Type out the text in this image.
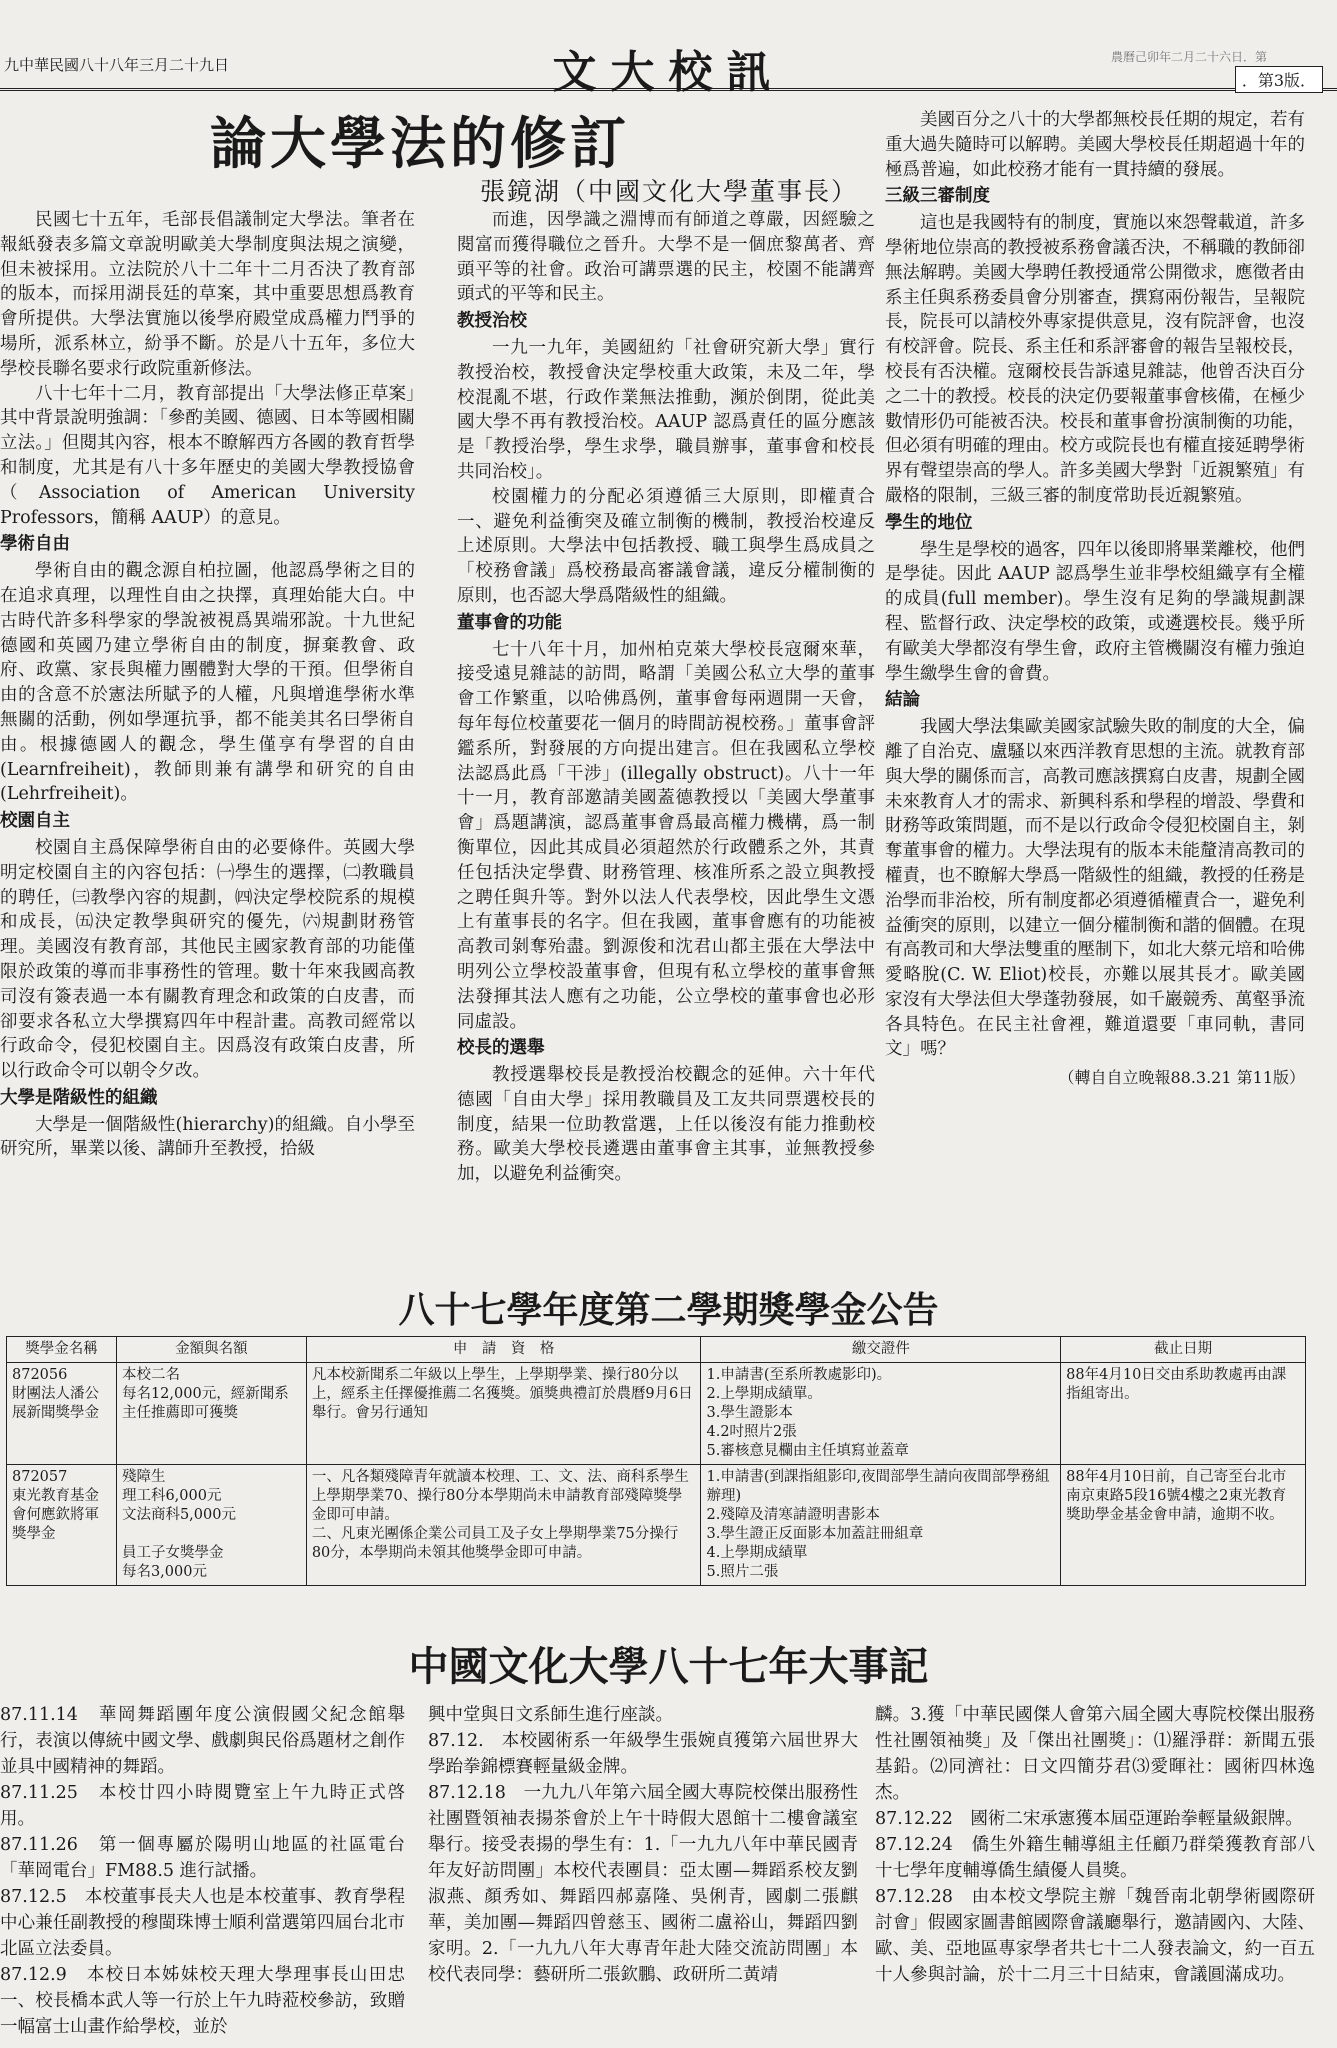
九中華民國八十八年三月二十九日	文大校訊	農曆己卯年二月二十六日．第
．第3版．
論大學法的修訂
張鏡湖（中國文化大學董事長）

民國七十五年，毛部長倡議制定大學法。筆者在報紙發表多篇文章說明歐美大學制度與法規之演變，但未被採用。立法院於八十二年十二月否決了教育部的版本，而採用湖長廷的草案，其中重要思想爲教育會所提供。大學法實施以後學府殿堂成爲權力鬥爭的場所，派系林立，紛爭不斷。於是八十五年，多位大學校長聯名要求行政院重新修法。

八十七年十二月，教育部提出「大學法修正草案」其中背景說明強調：「參酌美國、德國、日本等國相關立法。」但閱其內容，根本不瞭解西方各國的教育哲學和制度，尤其是有八十多年歷史的美國大學教授協會（Association of American University Professors，簡稱 AAUP）的意見。

學術自由

學術自由的觀念源自柏拉圖，他認爲學術之目的在追求真理，以理性自由之抉擇，真理始能大白。中古時代許多科學家的學說被視爲異端邪說。十九世紀德國和英國乃建立學術自由的制度，摒棄教會、政府、政黨、家長與權力團體對大學的干預。但學術自由的含意不於憲法所賦予的人權，凡與增進學術水準無關的活動，例如學運抗爭，都不能美其名曰學術自由。根據德國人的觀念，學生僅享有學習的自由(Learnfreiheit)，教師則兼有講學和研究的自由(Lehrfreiheit)。

校園自主

校園自主爲保障學術自由的必要條件。英國大學明定校園自主的內容包括：㈠學生的選擇，㈡教職員的聘任，㈢教學內容的規劃，㈣決定學校院系的規模和成長，㈤決定教學與研究的優先，㈥規劃財務管理。美國沒有教育部，其他民主國家教育部的功能僅限於政策的導而非事務性的管理。數十年來我國高教司沒有簽表過一本有關教育理念和政策的白皮書，而卻要求各私立大學撰寫四年中程計畫。高教司經常以行政命令，侵犯校園自主。因爲沒有政策白皮書，所以行政命令可以朝令夕改。

大學是階級性的組織

大學是一個階級性(hierarchy)的組織。自小學至研究所，畢業以後、講師升至教授，拾級

而進，因學識之淵博而有師道之尊嚴，因經驗之閱富而獲得職位之晉升。大學不是一個庶黎萬者、齊頭平等的社會。政治可講票選的民主，校園不能講齊頭式的平等和民主。

教授治校

一九一九年，美國紐約「社會研究新大學」實行教授治校，教授會決定學校重大政策，未及二年，學校混亂不堪，行政作業無法推動，瀕於倒閉，從此美國大學不再有教授治校。AAUP 認爲責任的區分應該是「教授治學，學生求學，職員辦事，董事會和校長共同治校」。

校園權力的分配必須遵循三大原則，即權責合一、避免利益衝突及確立制衡的機制，教授治校違反上述原則。大學法中包括教授、職工與學生爲成員之「校務會議」爲校務最高審議會議，違反分權制衡的原則，也否認大學爲階級性的組織。

董事會的功能

七十八年十月，加州柏克萊大學校長寇爾來華，接受遠見雜誌的訪問，略謂「美國公私立大學的董事會工作繁重，以哈佛爲例，董事會每兩週開一天會，每年每位校董要花一個月的時間訪視校務。」董事會評鑑系所，對發展的方向提出建言。但在我國私立學校法認爲此爲「干涉」(illegally obstruct)。八十一年十一月，教育部邀請美國蓋德教授以「美國大學董事會」爲題講演，認爲董事會爲最高權力機構，爲一制衡單位，因此其成員必須超然於行政體系之外，其責任包括決定學費、財務管理、核准所系之設立與教授之聘任與升等。對外以法人代表學校，因此學生文憑上有董事長的名字。但在我國，董事會應有的功能被高教司剝奪殆盡。劉源俊和沈君山都主張在大學法中明列公立學校設董事會，但現有私立學校的董事會無法發揮其法人應有之功能，公立學校的董事會也必形同虛設。

校長的選舉

教授選舉校長是教授治校觀念的延伸。六十年代德國「自由大學」採用教職員及工友共同票選校長的制度，結果一位助教當選，上任以後沒有能力推動校務。歐美大學校長遴選由董事會主其事，並無教授參加，以避免利益衝突。

美國百分之八十的大學都無校長任期的規定，若有重大過失隨時可以解聘。美國大學校長任期超過十年的極爲普遍，如此校務才能有一貫持續的發展。

三級三審制度

這也是我國特有的制度，實施以來怨聲載道，許多學術地位崇高的教授被系務會議否決，不稱職的教師卻無法解聘。美國大學聘任教授通常公開徵求，應徵者由系主任與系務委員會分別審查，撰寫兩份報告，呈報院長，院長可以請校外專家提供意見，沒有院評會，也沒有校評會。院長、系主任和系評審會的報告呈報校長，校長有否決權。寇爾校長告訴遠見雜誌，他曾否決百分之二十的教授。校長的決定仍要報董事會核備，在極少數情形仍可能被否決。校長和董事會扮演制衡的功能，但必須有明確的理由。校方或院長也有權直接延聘學術界有聲望崇高的學人。許多美國大學對「近親繁殖」有嚴格的限制，三級三審的制度常助長近親繁殖。

學生的地位

學生是學校的過客，四年以後即將畢業離校，他們是學徒。因此 AAUP 認爲學生並非學校組織享有全權的成員(full member)。學生沒有足夠的學識規劃課程、監督行政、決定學校的政策，或遴選校長。幾乎所有歐美大學都沒有學生會，政府主管機關沒有權力強迫學生繳學生會的會費。

結論

我國大學法集歐美國家試驗失敗的制度的大全，偏離了自治克、盧騷以來西洋教育思想的主流。就教育部與大學的關係而言，高教司應該撰寫白皮書，規劃全國未來教育人才的需求、新興科系和學程的增設、學費和財務等政策問題，而不是以行政命令侵犯校園自主，剝奪董事會的權力。大學法現有的版本未能釐清高教司的權責，也不瞭解大學爲一階級性的組織，教授的任務是治學而非治校，所有制度都必須遵循權責合一，避免利益衝突的原則，以建立一個分權制衡和諧的個體。在現有高教司和大學法雙重的壓制下，如北大蔡元培和哈佛愛略脫(C. W. Eliot)校長，亦難以展其長才。歐美國家沒有大學法但大學蓬勃發展，如千巖競秀、萬壑爭流各具特色。在民主社會裡，難道還要「車同軌，書同文」嗎？

（轉自自立晚報88.3.21 第11版）
八十七學年度第二學期獎學金公告
獎學金名稱	金額與名額	申　請　資　格	繳交證件	截止日期
872056
財團法人潘公展新聞獎學金	本校二名
每名12,000元，經新聞系主任推薦即可獲獎	凡本校新聞系二年級以上學生，上學期學業、操行80分以上，經系主任擇優推薦二名獲獎。頒獎典禮訂於農曆9月6日舉行。會另行通知	1.申請書(至系所教處影印)。
2.上學期成績單。
3.學生證影本
4.2吋照片2張
5.審核意見欄由主任填寫並蓋章	88年4月10日交由系助教處再由課指組寄出。
872057
東光教育基金會何應欽將軍獎學金	殘障生
理工科6,000元
文法商科5,000元

員工子女獎學金
每名3,000元	一、凡各類殘障青年就讀本校理、工、文、法、商科系學生上學期學業70、操行80分本學期尚未申請教育部殘障獎學金即可申請。
二、凡東光團係企業公司員工及子女上學期學業75分操行80分，本學期尚未領其他獎學金即可申請。	1.申請書(到課指組影印,夜間部學生請向夜間部學務組辦理)
2.殘障及清寒請證明書影本
3.學生證正反面影本加蓋註冊組章
4.上學期成績單
5.照片二張	88年4月10日前，自己寄至台北市南京東路5段16號4樓之2東光教育獎助學金基金會申請，逾期不收。
中國文化大學八十七年大事記

87.11.14　華岡舞蹈團年度公演假國父紀念館舉行，表演以傳統中國文學、戲劇與民俗爲題材之創作並具中國精神的舞蹈。

87.11.25　本校廿四小時閱覽室上午九時正式啓用。

87.11.26　第一個專屬於陽明山地區的社區電台「華岡電台」FM88.5 進行試播。

87.12.5　本校董事長夫人也是本校董事、教育學程中心兼任副教授的穆閩珠博士順利當選第四屆台北市北區立法委員。

87.12.9　本校日本姊妹校天理大學理事長山田忠一、校長橋本武人等一行於上午九時蒞校參訪，致贈一幅富士山畫作給學校，並於

興中堂與日文系師生進行座談。

87.12.　本校國術系一年級學生張婉貞獲第六屆世界大學跆拳錦標賽輕量級金牌。

87.12.18　一九九八年第六屆全國大專院校傑出服務性社團暨領袖表揚茶會於上午十時假大恩館十二樓會議室舉行。接受表揚的學生有：1.「一九九八年中華民國青年友好訪問團」本校代表團員：亞太團—舞蹈系校友劉淑燕、顏秀如、舞蹈四郝嘉隆、吳俐青，國劇二張麒華，美加團—舞蹈四曾慈玉、國術二盧裕山，舞蹈四劉家明。2.「一九九八年大專青年赴大陸交流訪問團」本校代表同學：藝研所二張欽鵬、政研所二黃靖

麟。3.獲「中華民國傑人會第六屆全國大專院校傑出服務性社團領袖獎」及「傑出社團獎」：⑴羅淨群：新聞五張基鉛。⑵同濟社：日文四簡芬君⑶愛暉社：國術四林逸杰。

87.12.22　國術二宋承憲獲本屆亞運跆拳輕量級銀牌。

87.12.24　僑生外籍生輔導組主任顧乃群榮獲教育部八十七學年度輔導僑生績優人員獎。

87.12.28　由本校文學院主辦「魏晉南北朝學術國際研討會」假國家圖書館國際會議廳舉行，邀請國內、大陸、歐、美、亞地區專家學者共七十二人發表論文，約一百五十人參與討論，於十二月三十日結束，會議圓滿成功。
